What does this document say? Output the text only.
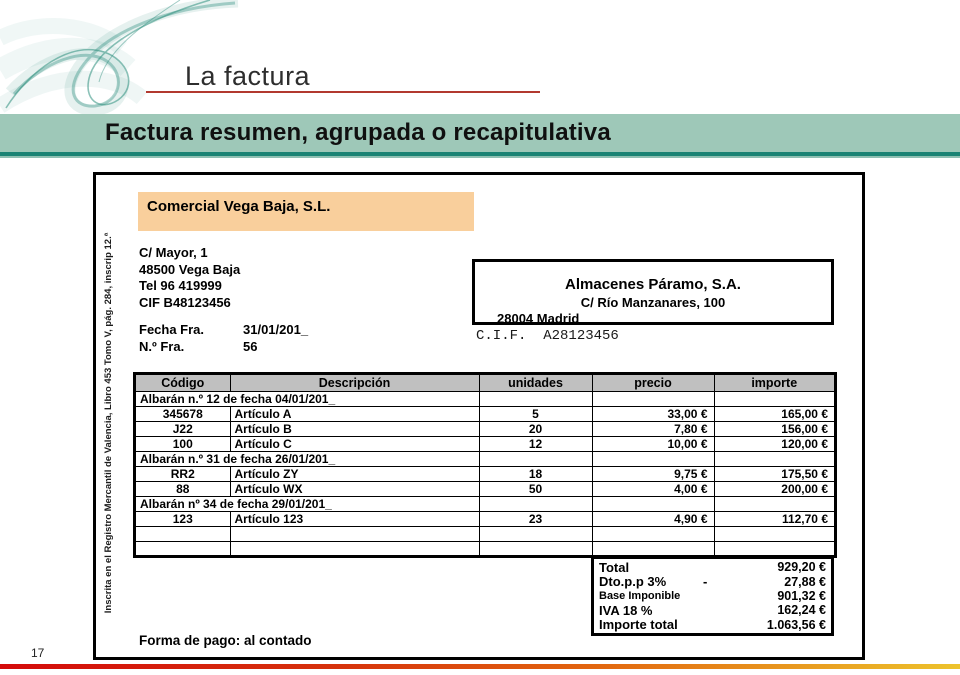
La factura
Factura resumen, agrupada o recapitulativa
Inscrita en el Registro Mercantil de Valencia, Libro 453 Tomo V, pág. 284, inscrip 12.ª
Comercial Vega Baja, S.L.
C/ Mayor, 1
48500 Vega Baja
Tel 96 419999
CIF B48123456
Almacenes Páramo, S.A.
C/ Río Manzanares, 100
28004 Madrid
C.I.F.  A28123456
Fecha Fra.	31/01/201_
N.º Fra.	56
Código	Descripción	unidades	precio	importe
Albarán n.º 12 de fecha 04/01/201_				
345678	Artículo A	5	33,00 €	165,00 €
J22	Artículo B	20	7,80 €	156,00 €
100	Artículo C	12	10,00 €	120,00 €
Albarán n.º 31 de fecha 26/01/201_				
RR2	Artículo ZY	18	9,75 €	175,50 €
88	Artículo WX	50	4,00 €	200,00 €
Albarán nº 34 de fecha 29/01/201_				
123	Artículo 123	23	4,90 €	112,70 €

Total	929,20 €
Dto.p.p 3%	-	27,88 €
Base Imponible	901,32 €
IVA 18 %	162,24 €
Importe total	1.063,56 €
Forma de pago: al contado
17
